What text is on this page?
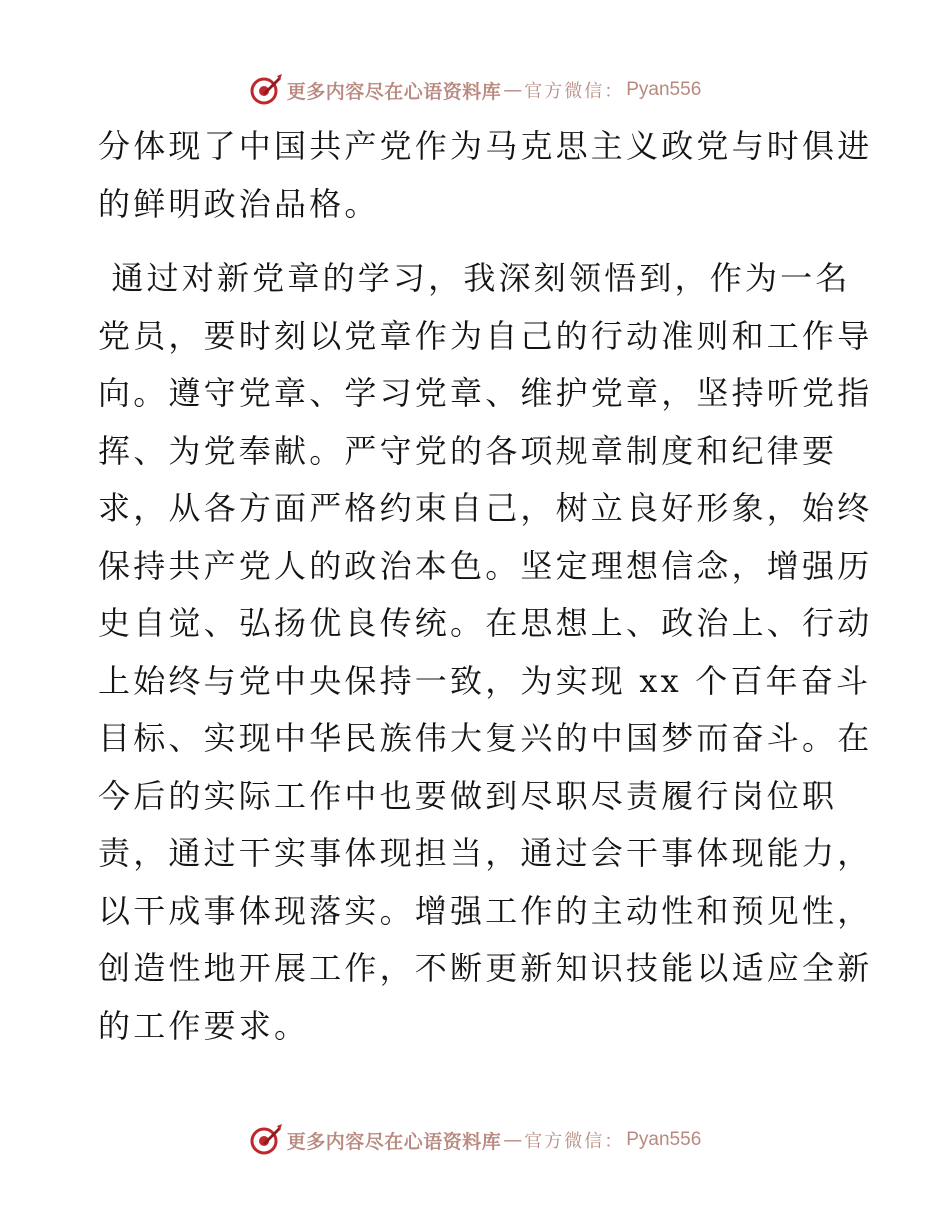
更多内容尽在心语资料库 — 官方微信： Pyan556
分体现了中国共产党作为马克思主义政党与时俱进
的鲜明政治品格。
通过对新党章的学习，我深刻领悟到，作为一名
党员，要时刻以党章作为自己的行动准则和工作导
向。遵守党章、学习党章、维护党章，坚持听党指
挥、为党奉献。严守党的各项规章制度和纪律要
求，从各方面严格约束自己，树立良好形象，始终
保持共产党人的政治本色。坚定理想信念，增强历
史自觉、弘扬优良传统。在思想上、政治上、行动
上始终与党中央保持一致，为实现 xx 个百年奋斗
目标、实现中华民族伟大复兴的中国梦而奋斗。在
今后的实际工作中也要做到尽职尽责履行岗位职
责，通过干实事体现担当，通过会干事体现能力，
以干成事体现落实。增强工作的主动性和预见性，
创造性地开展工作，不断更新知识技能以适应全新
的工作要求。
更多内容尽在心语资料库 — 官方微信： Pyan556
